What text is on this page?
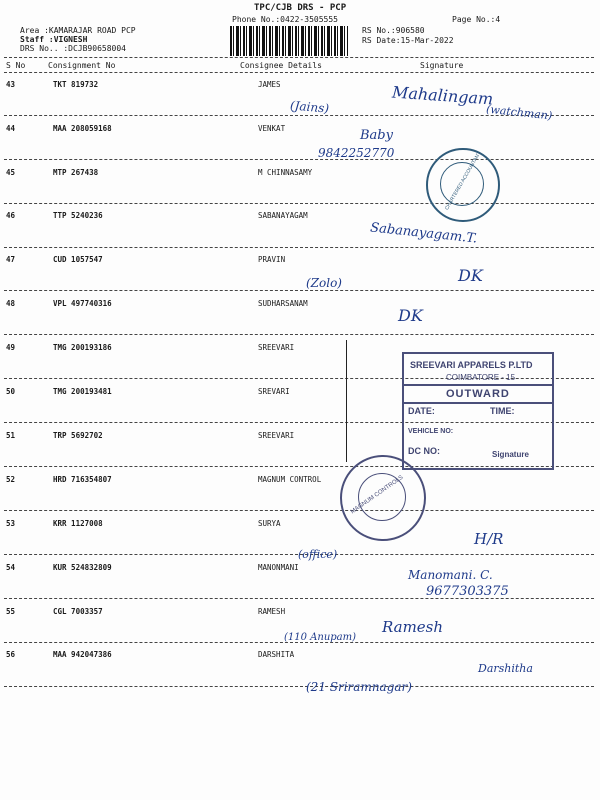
TPC/CJB DRS - PCP
Phone No.:0422-3505555	Page No.:4
Area :KAMARAJAR ROAD PCP
Staff :VIGNESH
DRS No.. :DCJB90658004
RS No.:906580
RS Date:15-Mar-2022
S No	Consignment No	Consignee Details	Signature
43	TKT 819732	JAMES
44	MAA 208059168	VENKAT
45	MTP 267438	M CHINNASAMY
46	TTP 5240236	SABANAYAGAM
47	CUD 1057547	PRAVIN
48	VPL 497740316	SUDHARSANAM
49	TMG 200193186	SREEVARI
50	TMG 200193481	SREVARI
51	TRP 5692702	SREEVARI
52	HRD 716354807	MAGNUM CONTROL
53	KRR 1127008	SURYA
54	KUR 524832809	MANONMANI
55	CGL 7003357	RAMESH
56	MAA 942047386	DARSHITA
CHARTERED ACCOUNTANT
MAGNUM CONTROLS
SREEVARI APPARELS P.LTD
COIMBATORE - 15
OUTWARD
DATE:	TIME:
VEHICLE NO:
DC NO:	Signature
Mahalingam
(Jains)	(watchman)
Baby
9842252770
Sabanayagam.T.
(Zolo)	DK
DK
H/R
(office)
Manomani. C.
9677303375
Ramesh
(110 Anupam)
Darshitha
(21 Sriramnagar)
